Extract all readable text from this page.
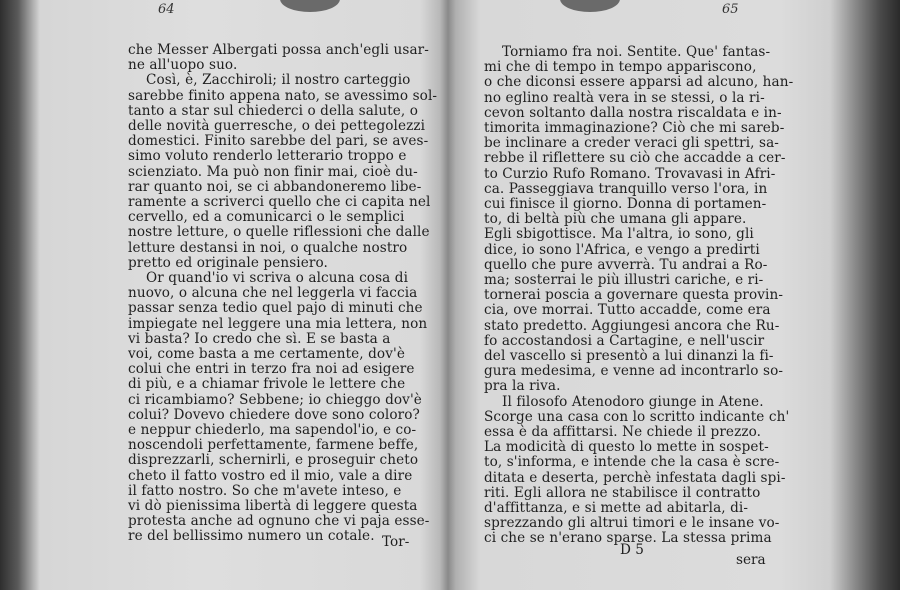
64
che Messer Albergati possa anch'egli usar-
ne all'uopo suo.
Così, è, Zacchiroli; il nostro carteggio
sarebbe finito appena nato, se avessimo sol-
tanto a star sul chiederci o della salute, o
delle novità guerresche, o dei pettegolezzi
domestici. Finito sarebbe del pari, se aves-
simo voluto renderlo letterario troppo e
scienziato. Ma può non finir mai, cioè du-
rar quanto noi, se ci abbandoneremo libe-
ramente a scriverci quello che ci capita nel
cervello, ed a comunicarci o le semplici
nostre letture, o quelle riflessioni che dalle
letture destansi in noi, o qualche nostro
pretto ed originale pensiero.
Or quand'io vi scriva o alcuna cosa di
nuovo, o alcuna che nel leggerla vi faccia
passar senza tedio quel pajo di minuti che
impiegate nel leggere una mia lettera, non
vi basta? Io credo che sì. E se basta a
voi, come basta a me certamente, dov'è
colui che entri in terzo fra noi ad esigere
di più, e a chiamar frivole le lettere che
ci ricambiamo? Sebbene; io chieggo dov'è
colui? Dovevo chiedere dove sono coloro?
e neppur chiederlo, ma sapendol'io, e co-
noscendoli perfettamente, farmene beffe,
disprezzarli, schernirli, e proseguir cheto
cheto il fatto vostro ed il mio, vale a dire
il fatto nostro. So che m'avete inteso, e
vi dò pienissima libertà di leggere questa
protesta anche ad ognuno che vi paja esse-
re del bellissimo numero un cotale. Tor-
65
Torniamo fra noi. Sentite. Que' fantas-
mi che di tempo in tempo appariscono,
o che diconsi essere apparsi ad alcuno, han-
no eglino realtà vera in se stessi, o la ri-
cevon soltanto dalla nostra riscaldata e in-
timorita immaginazione? Ciò che mi sareb-
be inclinare a creder veraci gli spettri, sa-
rebbe il riflettere su ciò che accadde a cer-
to Curzio Rufo Romano. Trovavasi in Afri-
ca. Passeggiava tranquillo verso l'ora, in
cui finisce il giorno. Donna di portamen-
to, di beltà più che umana gli appare.
Egli sbigottisce. Ma l'altra, io sono, gli
dice, io sono l'Africa, e vengo a predirti
quello che pure avverrà. Tu andrai a Ro-
ma; sosterrai le più illustri cariche, e ri-
tornerai poscia a governare questa provin-
cia, ove morrai. Tutto accadde, come era
stato predetto. Aggiungesi ancora che Ru-
fo accostandosi a Cartagine, e nell'uscir
del vascello si presentò a lui dinanzi la fi-
gura medesima, e venne ad incontrarlo so-
pra la riva.
Il filosofo Atenodoro giunge in Atene.
Scorge una casa con lo scritto indicante ch'
essa è da affittarsi. Ne chiede il prezzo.
La modicità di questo lo mette in sospet-
to, s'informa, e intende che la casa è scre-
ditata e deserta, perchè infestata dagli spi-
riti. Egli allora ne stabilisce il contratto
d'affittanza, e si mette ad abitarla, di-
sprezzando gli altrui timori e le insane vo-
ci che se n'erano sparse. La stessa prima
D 5
sera
